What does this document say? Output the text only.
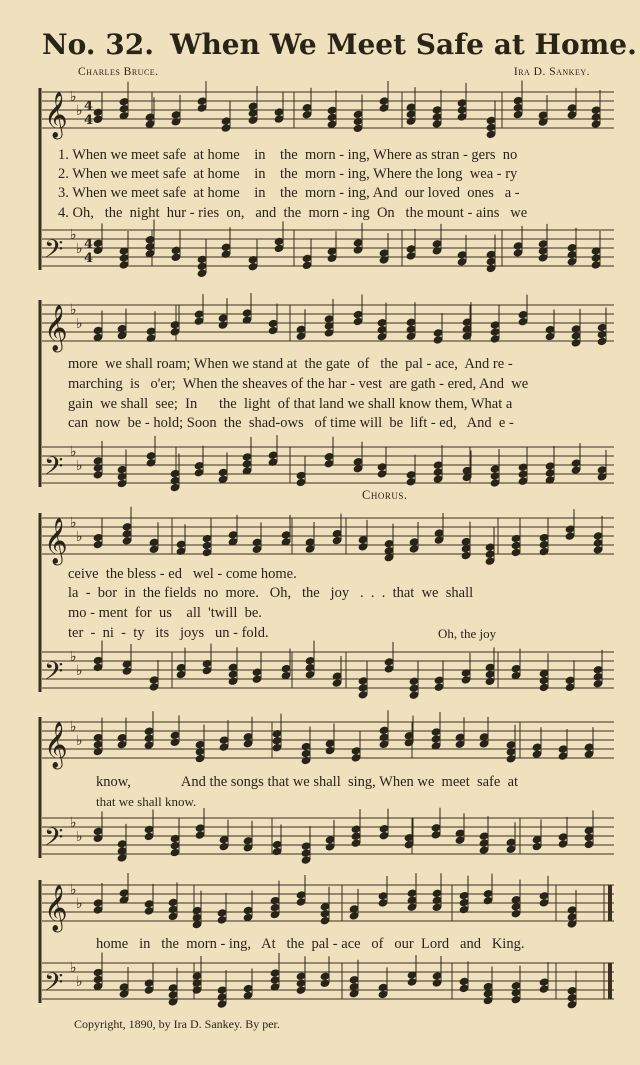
No. 32. When We Meet Safe at Home.
Charles Bruce.	Ira D. Sankey.
𝄞
𝄢
𝄞
𝄢
𝄞
𝄢
𝄞
𝄢
𝄞
𝄢
♭
♭
♭
♭
♭
♭
♭
♭
♭
♭
♭
♭
♭
♭
♭
♭
♭
♭
♭
♭
4
4
4
4
1. When we meet safe  at home    in    the  morn - ing, Where as stran - gers  no
2. When we meet safe  at home    in    the  morn - ing, Where the long  wea - ry
3. When we meet safe  at home    in    the  morn - ing, And  our loved  ones   a -
4. Oh,   the  night  hur - ries  on,   and  the  morn - ing  On   the mount - ains   we
more  we shall roam; When we stand at  the gate  of   the  pal - ace,  And re -
marching  is   o'er;  When the sheaves of the har - vest  are gath - ered, And  we
gain  we shall  see;  In      the  light  of that land we shall know them, What a
can  now  be - hold; Soon  the  shad-ows   of time will  be  lift - ed,   And  e -
Chorus.
ceive  the bless - ed   wel - come home.
la  -  bor  in  the fields  no  more.   Oh,   the   joy   .  .  .  that  we  shall
mo - ment  for  us    all  'twill  be.
ter  -  ni  -  ty   its   joys   un - fold.	Oh, the joy
know,              And the songs that we shall  sing, When we  meet  safe  at
that we shall know.
home   in   the  morn - ing,   At   the  pal - ace   of   our  Lord   and   King.
Copyright, 1890, by Ira D. Sankey. By per.
